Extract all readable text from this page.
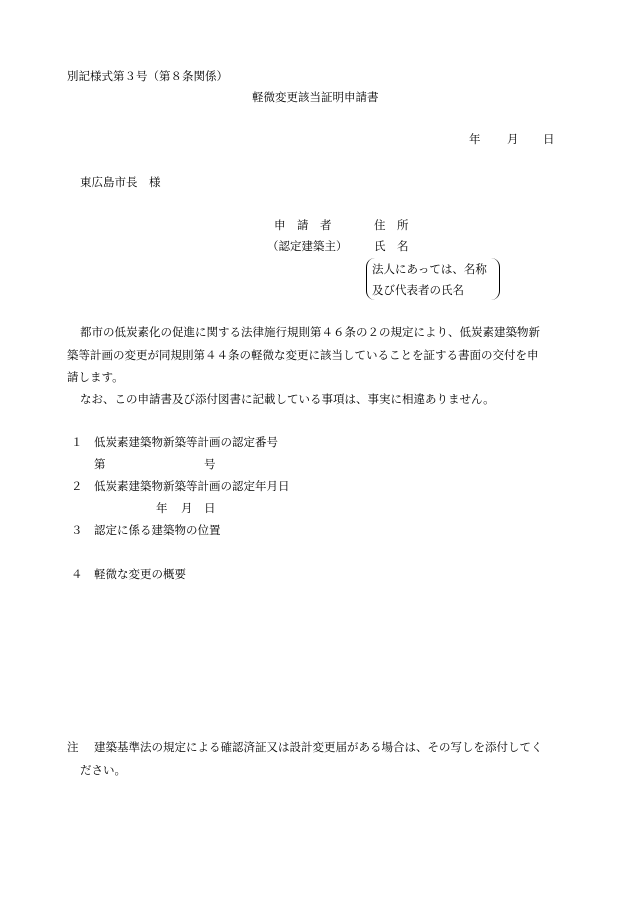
別記様式第３号（第８条関係）
軽微変更該当証明申請書
年 月 日
東広島市長　様
申　請　者	住　所
（認定建築主） 氏　名
法人にあっては、名称
及び代表者の氏名
都市の低炭素化の促進に関する法律施行規則第４６条の２の規定により、低炭素建築物新
築等計画の変更が同規則第４４条の軽微な変更に該当していることを証する書面の交付を申
請します。
なお、この申請書及び添付図書に記載している事項は、事実に相違ありません。
１ 低炭素建築物新築等計画の認定番号
第	号
２ 低炭素建築物新築等計画の認定年月日
年 月 日
３ 認定に係る建築物の位置
４ 軽微な変更の概要
注 建築基準法の規定による確認済証又は設計変更届がある場合は、その写しを添付してく
ださい。
